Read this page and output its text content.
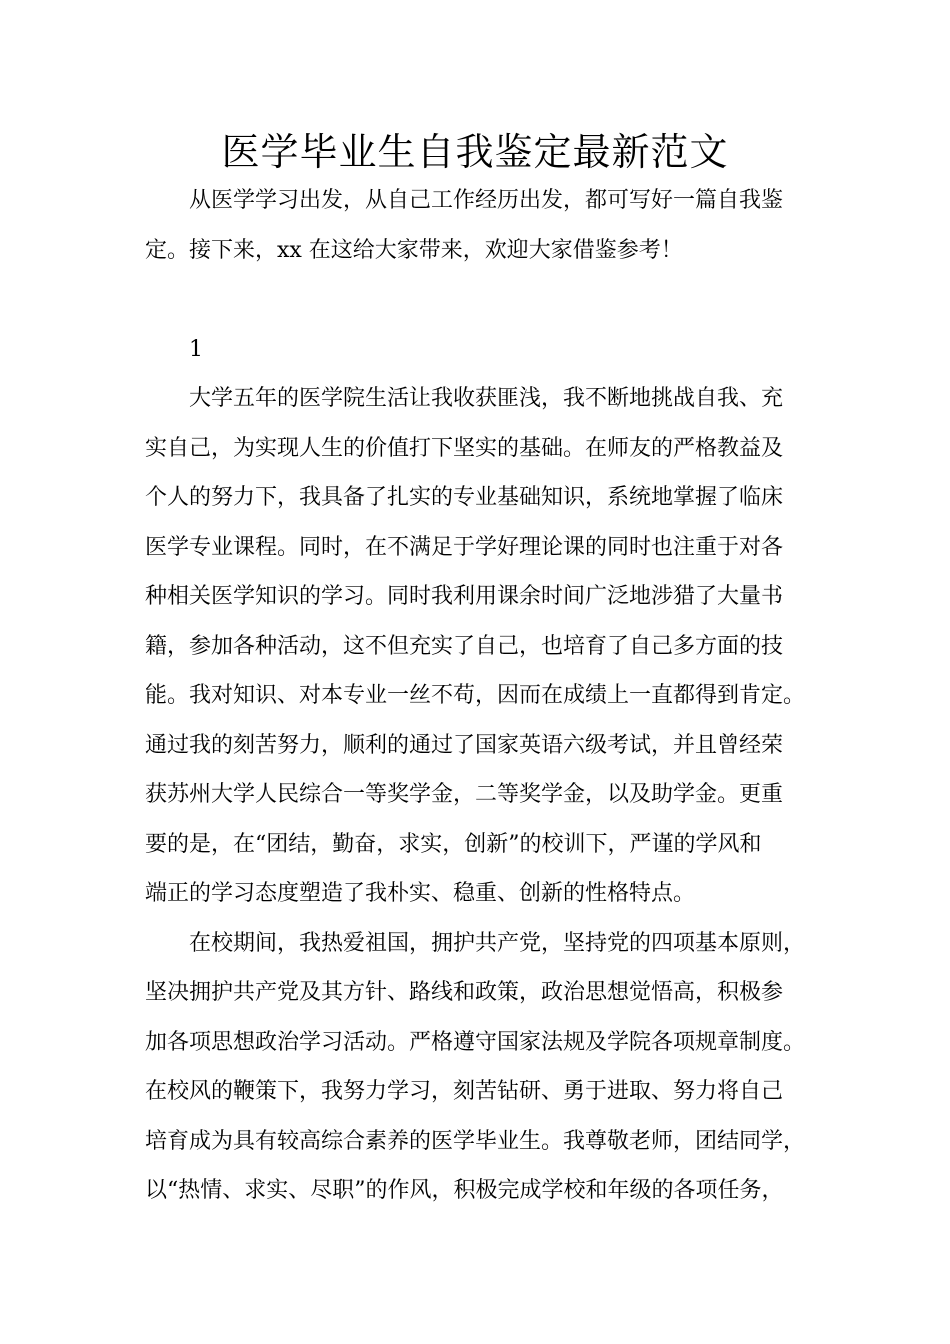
医学毕业生自我鉴定最新范文
从医学学习出发，从自己工作经历出发，都可写好一篇自我鉴
定。接下来，xx 在这给大家带来，欢迎大家借鉴参考！
1
大学五年的医学院生活让我收获匪浅，我不断地挑战自我、充
实自己，为实现人生的价值打下坚实的基础。在师友的严格教益及
个人的努力下，我具备了扎实的专业基础知识，系统地掌握了临床
医学专业课程。同时，在不满足于学好理论课的同时也注重于对各
种相关医学知识的学习。同时我利用课余时间广泛地涉猎了大量书
籍，参加各种活动，这不但充实了自己，也培育了自己多方面的技
能。我对知识、对本专业一丝不苟，因而在成绩上一直都得到肯定。
通过我的刻苦努力，顺利的通过了国家英语六级考试，并且曾经荣
获苏州大学人民综合一等奖学金，二等奖学金，以及助学金。更重
要的是，在“团结，勤奋，求实，创新”的校训下，严谨的学风和
端正的学习态度塑造了我朴实、稳重、创新的性格特点。
在校期间，我热爱祖国，拥护共产党，坚持党的四项基本原则，
坚决拥护共产党及其方针、路线和政策，政治思想觉悟高，积极参
加各项思想政治学习活动。严格遵守国家法规及学院各项规章制度。
在校风的鞭策下，我努力学习，刻苦钻研、勇于进取、努力将自己
培育成为具有较高综合素养的医学毕业生。我尊敬老师，团结同学，
以“热情、求实、尽职”的作风，积极完成学校和年级的各项任务，
